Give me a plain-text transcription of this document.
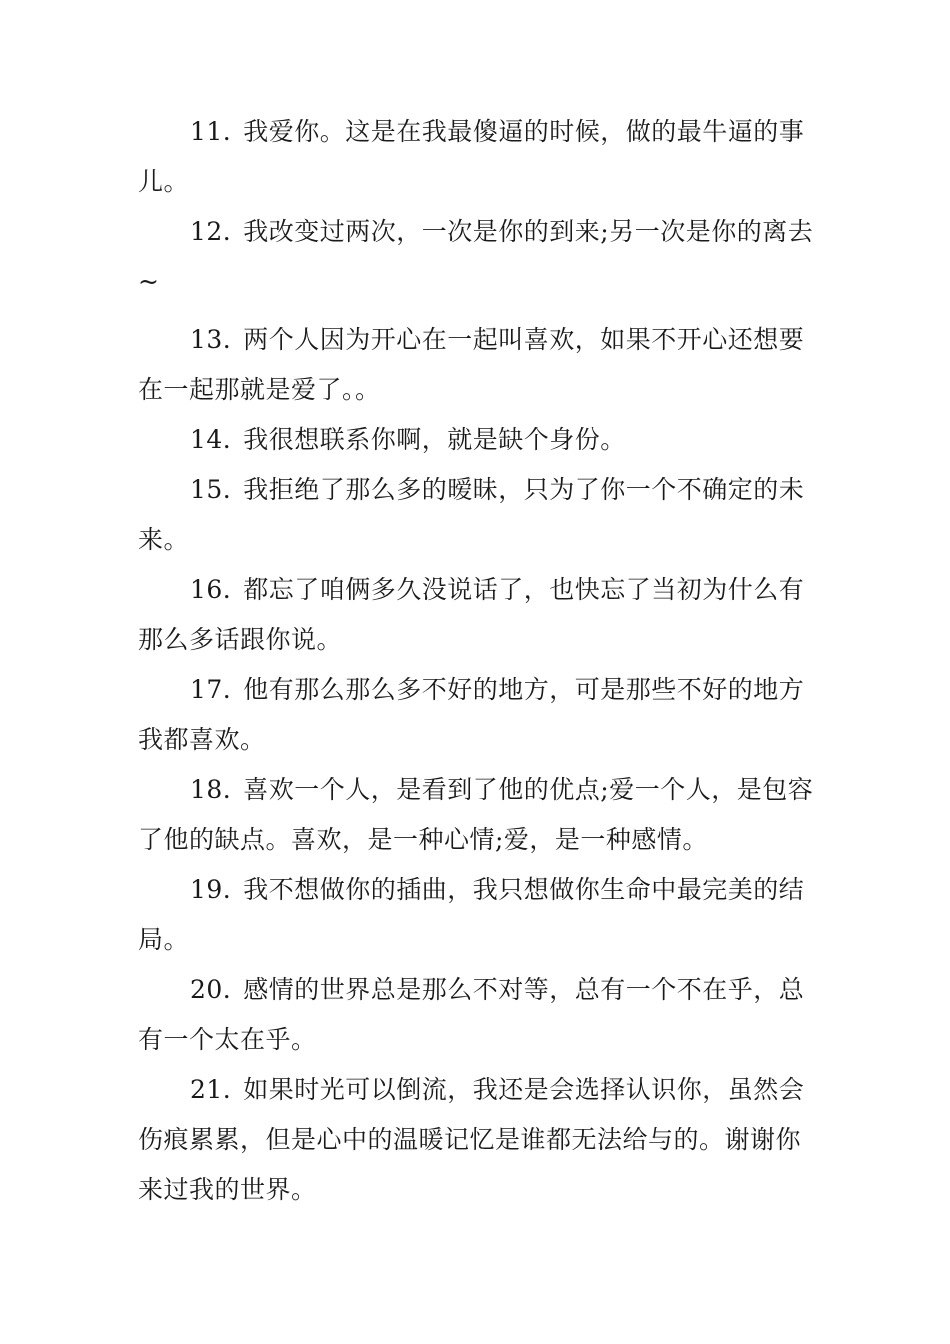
11. 我爱你。这是在我最傻逼的时候，做的最牛逼的事儿。

12. 我改变过两次，一次是你的到来;另一次是你的离去~

13. 两个人因为开心在一起叫喜欢，如果不开心还想要在一起那就是爱了。。

14. 我很想联系你啊，就是缺个身份。

15. 我拒绝了那么多的暧昧，只为了你一个不确定的未来。

16. 都忘了咱俩多久没说话了，也快忘了当初为什么有那么多话跟你说。

17. 他有那么那么多不好的地方，可是那些不好的地方我都喜欢。

18. 喜欢一个人，是看到了他的优点;爱一个人，是包容了他的缺点。喜欢，是一种心情;爱，是一种感情。

19. 我不想做你的插曲，我只想做你生命中最完美的结局。

20. 感情的世界总是那么不对等，总有一个不在乎，总有一个太在乎。

21. 如果时光可以倒流，我还是会选择认识你，虽然会伤痕累累，但是心中的温暖记忆是谁都无法给与的。谢谢你来过我的世界。
